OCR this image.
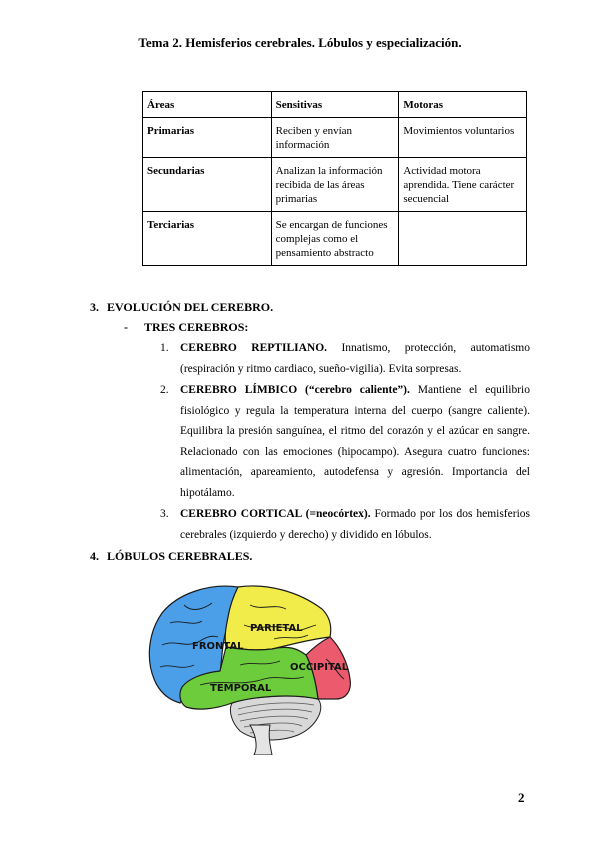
Tema 2. Hemisferios cerebrales. Lóbulos y especialización.
Áreas	Sensitivas	Motoras
Primarias	Reciben y envían información	Movimientos voluntarios
Secundarias	Analizan la información recibida de las áreas primarias	Actividad motora aprendida. Tiene carácter secuencial
Terciarias	Se encargan de funciones complejas como el pensamiento abstracto	
3. EVOLUCIÓN DEL CEREBRO.
- TRES CEREBROS:
1. CEREBRO REPTILIANO. Innatismo, protección, automatismo (respiración y ritmo cardiaco, sueño-vigilia). Evita sorpresas.
2. CEREBRO LÍMBICO (“cerebro caliente”). Mantiene el equilibrio fisiológico y regula la temperatura interna del cuerpo (sangre caliente). Equilibra la presión sanguínea, el ritmo del corazón y el azúcar en sangre. Relacionado con las emociones (hipocampo). Asegura cuatro funciones: alimentación, apareamiento, autodefensa y agresión. Importancia del hipotálamo.
3. CEREBRO CORTICAL (=neocórtex). Formado por los dos hemisferios cerebrales (izquierdo y derecho) y dividido en lóbulos.
4. LÓBULOS CEREBRALES.
FRONTAL
PARIETAL
OCCIPITAL
TEMPORAL
2
